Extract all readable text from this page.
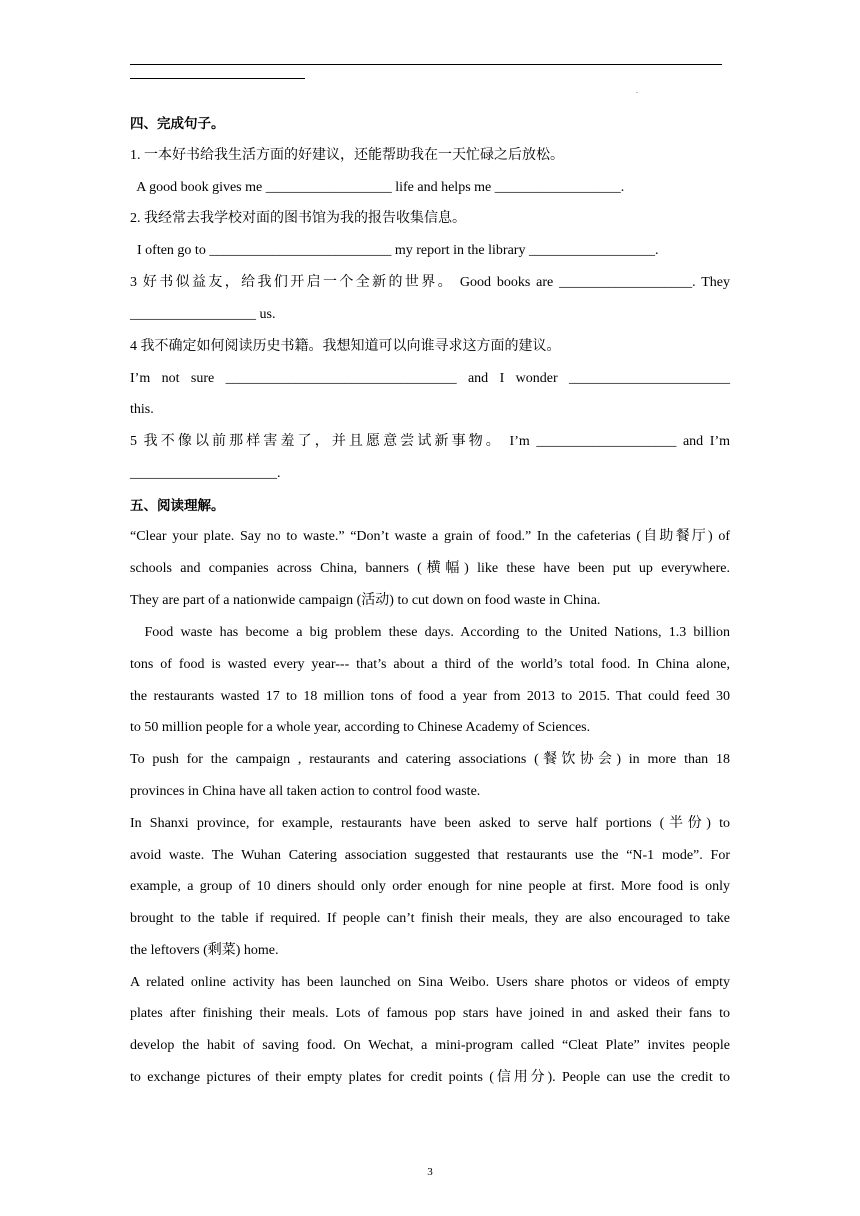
.
四、完成句子。
1. 一本好书给我生活方面的好建议，还能帮助我在一天忙碌之后放松。
A good book gives me __________________ life and helps me __________________.
2. 我经常去我学校对面的图书馆为我的报告收集信息。
I often go to __________________________ my report in the library __________________.
3 好书似益友，给我们开启一个全新的世界。 Good books are ___________________. They
__________________ us.
4 我不确定如何阅读历史书籍。我想知道可以向谁寻求这方面的建议。
I’m not sure _________________________________ and I wonder _______________________
this.
5 我不像以前那样害羞了，并且愿意尝试新事物。 I’m ____________________ and I’m
_____________________.
五、阅读理解。
“Clear your plate. Say no to waste.” “Don’t waste a grain of food.” In the cafeterias (自助餐厅) of
schools and companies across China, banners (横幅) like these have been put up everywhere.
They are part of a nationwide campaign (活动) to cut down on food waste in China.
Food waste has become a big problem these days. According to the United Nations, 1.3 billion
tons of food is wasted every year--- that’s about a third of the world’s total food. In China alone,
the restaurants wasted 17 to 18 million tons of food a year from 2013 to 2015. That could feed 30
to 50 million people for a whole year, according to Chinese Academy of Sciences.
To push for the campaign , restaurants and catering associations (餐饮协会) in more than 18
provinces in China have all taken action to control food waste.
In Shanxi province, for example, restaurants have been asked to serve half portions (半份) to
avoid waste. The Wuhan Catering association suggested that restaurants use the “N-1 mode”. For
example, a group of 10 diners should only order enough for nine people at first. More food is only
brought to the table if required. If people can’t finish their meals, they are also encouraged to take
the leftovers (剩菜) home.
A related online activity has been launched on Sina Weibo. Users share photos or videos of empty
plates after finishing their meals. Lots of famous pop stars have joined in and asked their fans to
develop the habit of saving food. On Wechat, a mini-program called “Cleat Plate” invites people
to exchange pictures of their empty plates for credit points (信用分). People can use the credit to
3
